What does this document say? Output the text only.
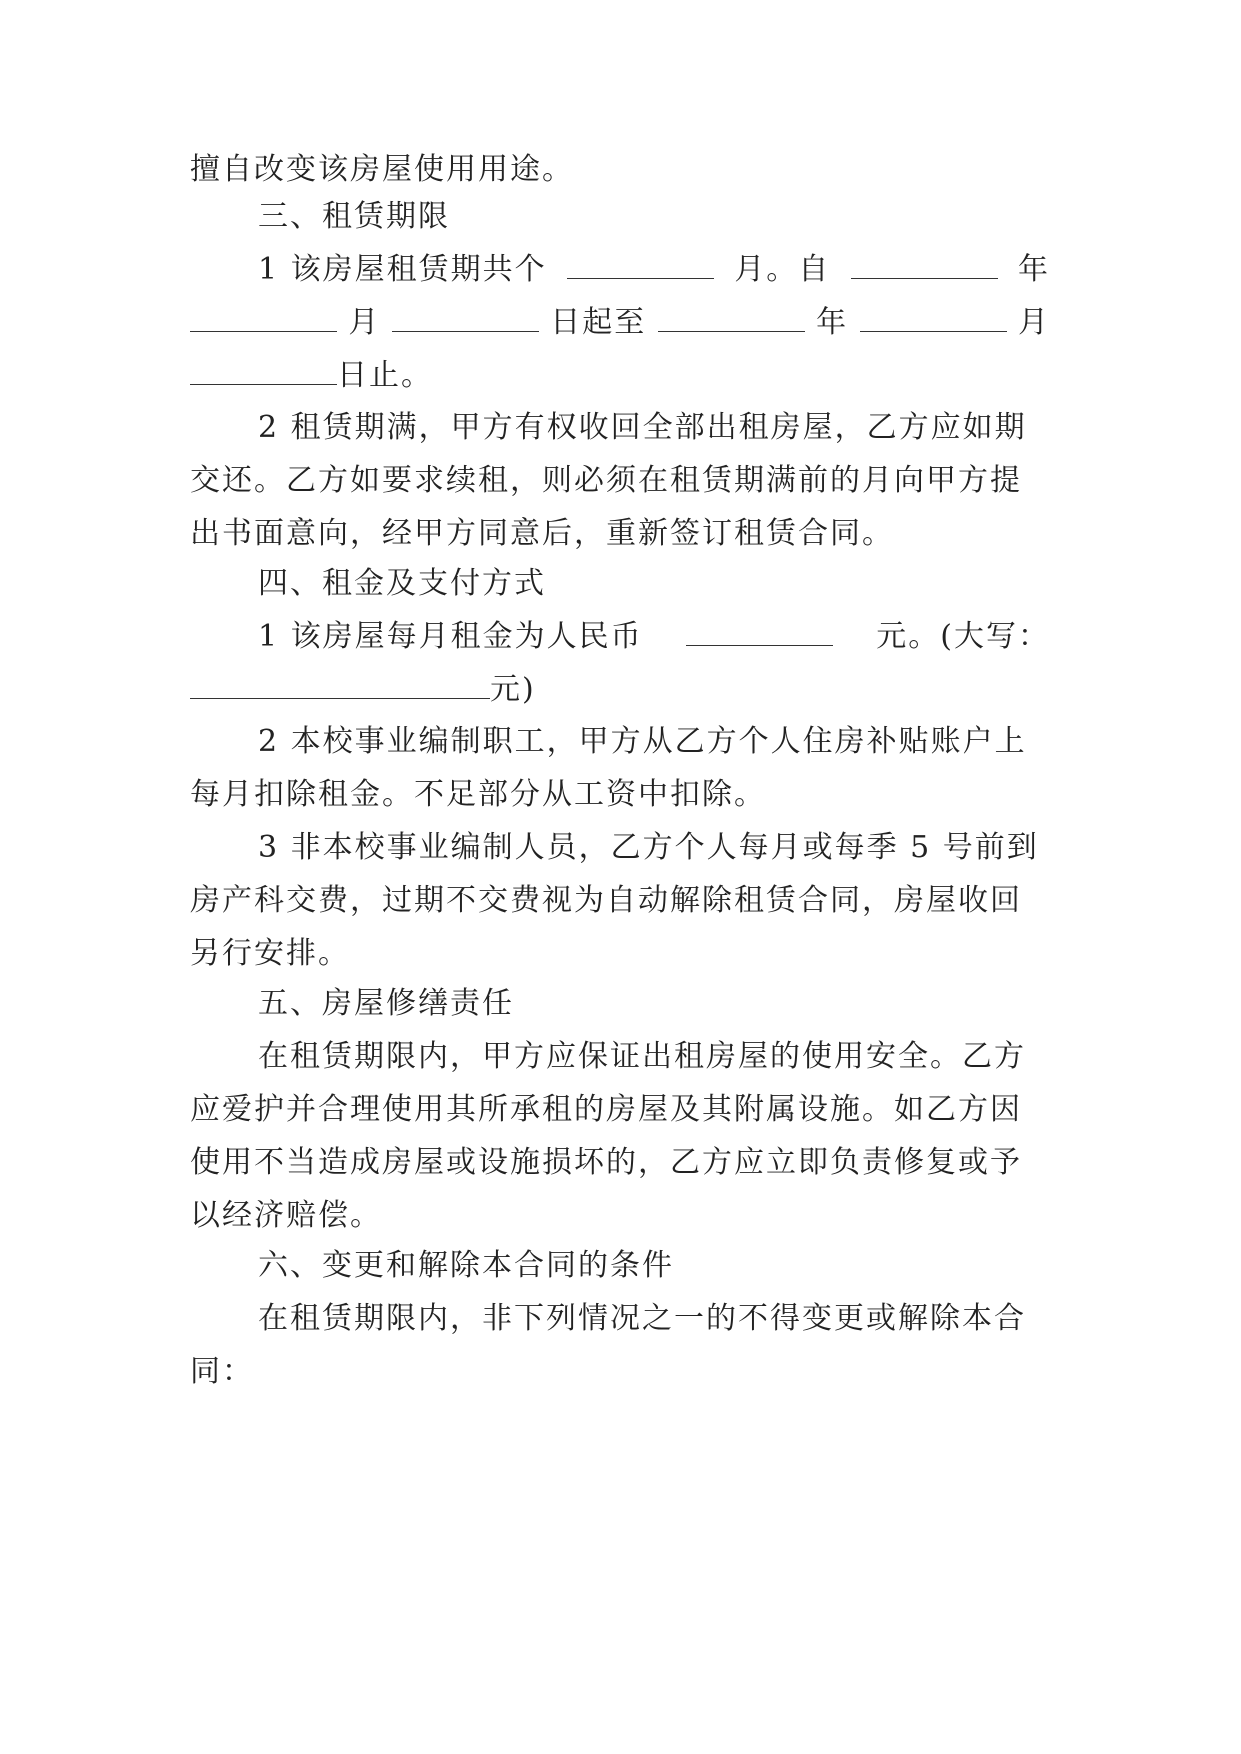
擅自改变该房屋使用用途。
三、租赁期限
1 该房屋租赁期共个	月。自	年
月	日起至	年	月
日止。
2 租赁期满，甲方有权收回全部出租房屋，乙方应如期
交还。乙方如要求续租，则必须在租赁期满前的月向甲方提
出书面意向，经甲方同意后，重新签订租赁合同。
四、租金及支付方式
1 该房屋每月租金为人民币	元。(大写：
元)
2 本校事业编制职工，甲方从乙方个人住房补贴账户上
每月扣除租金。不足部分从工资中扣除。
3 非本校事业编制人员，乙方个人每月或每季 5 号前到
房产科交费，过期不交费视为自动解除租赁合同，房屋收回
另行安排。
五、房屋修缮责任
在租赁期限内，甲方应保证出租房屋的使用安全。乙方
应爱护并合理使用其所承租的房屋及其附属设施。如乙方因
使用不当造成房屋或设施损坏的，乙方应立即负责修复或予
以经济赔偿。
六、变更和解除本合同的条件
在租赁期限内，非下列情况之一的不得变更或解除本合
同：
